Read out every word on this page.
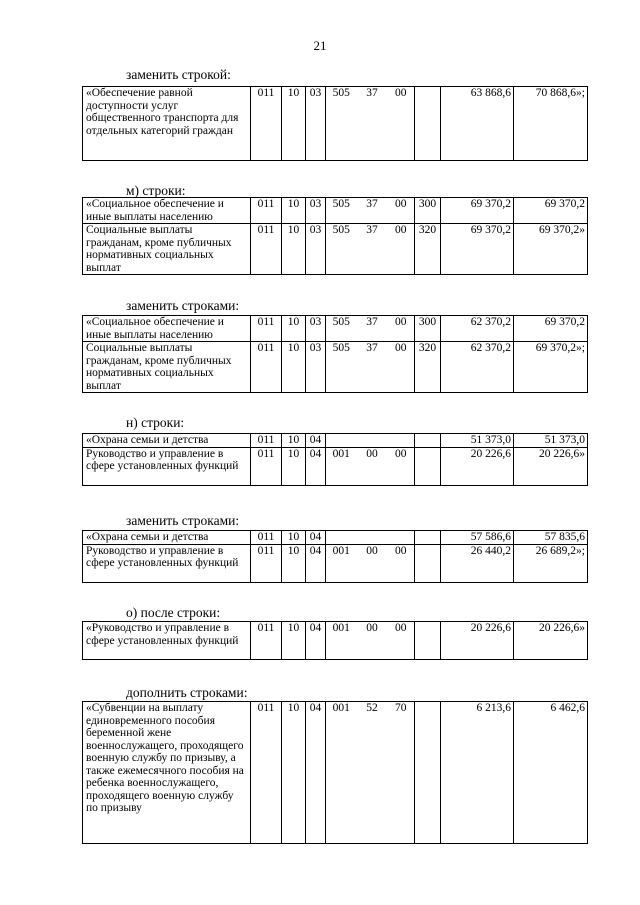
21
заменить строкой:
«Обеспечение равной доступности услуг общественного транспорта для отдельных категорий граждан	011	10	03	505	37	00		63 868,6	70 868,6»;
м) строки:
«Социальное обеспечение и иные выплаты населению	011	10	03	505	37	00	300	69 370,2	69 370,2
Социальные выплаты гражданам, кроме публичных нормативных социальных выплат	011	10	03	505	37	00	320	69 370,2	69 370,2»
заменить строками:
«Социальное обеспечение и иные выплаты населению	011	10	03	505	37	00	300	62 370,2	69 370,2
Социальные выплаты гражданам, кроме публичных нормативных социальных выплат	011	10	03	505	37	00	320	62 370,2	69 370,2»;
н) строки:
«Охрана семьи и детства	011	10	04					51 373,0	51 373,0
Руководство и управление в сфере установленных функций	011	10	04	001	00	00		20 226,6	20 226,6»
заменить строками:
«Охрана семьи и детства	011	10	04					57 586,6	57 835,6
Руководство и управление в сфере установленных функций	011	10	04	001	00	00		26 440,2	26 689,2»;
о) после строки:
«Руководство и управление в сфере установленных функций	011	10	04	001	00	00		20 226,6	20 226,6»
дополнить строками:
«Субвенции на выплату единовременного пособия беременной жене военнослужащего, проходящего военную службу по призыву, а также ежемесячного пособия на ребенка военнослужащего, проходящего военную службу по призыву	011	10	04	001	52	70		6 213,6	6 462,6
